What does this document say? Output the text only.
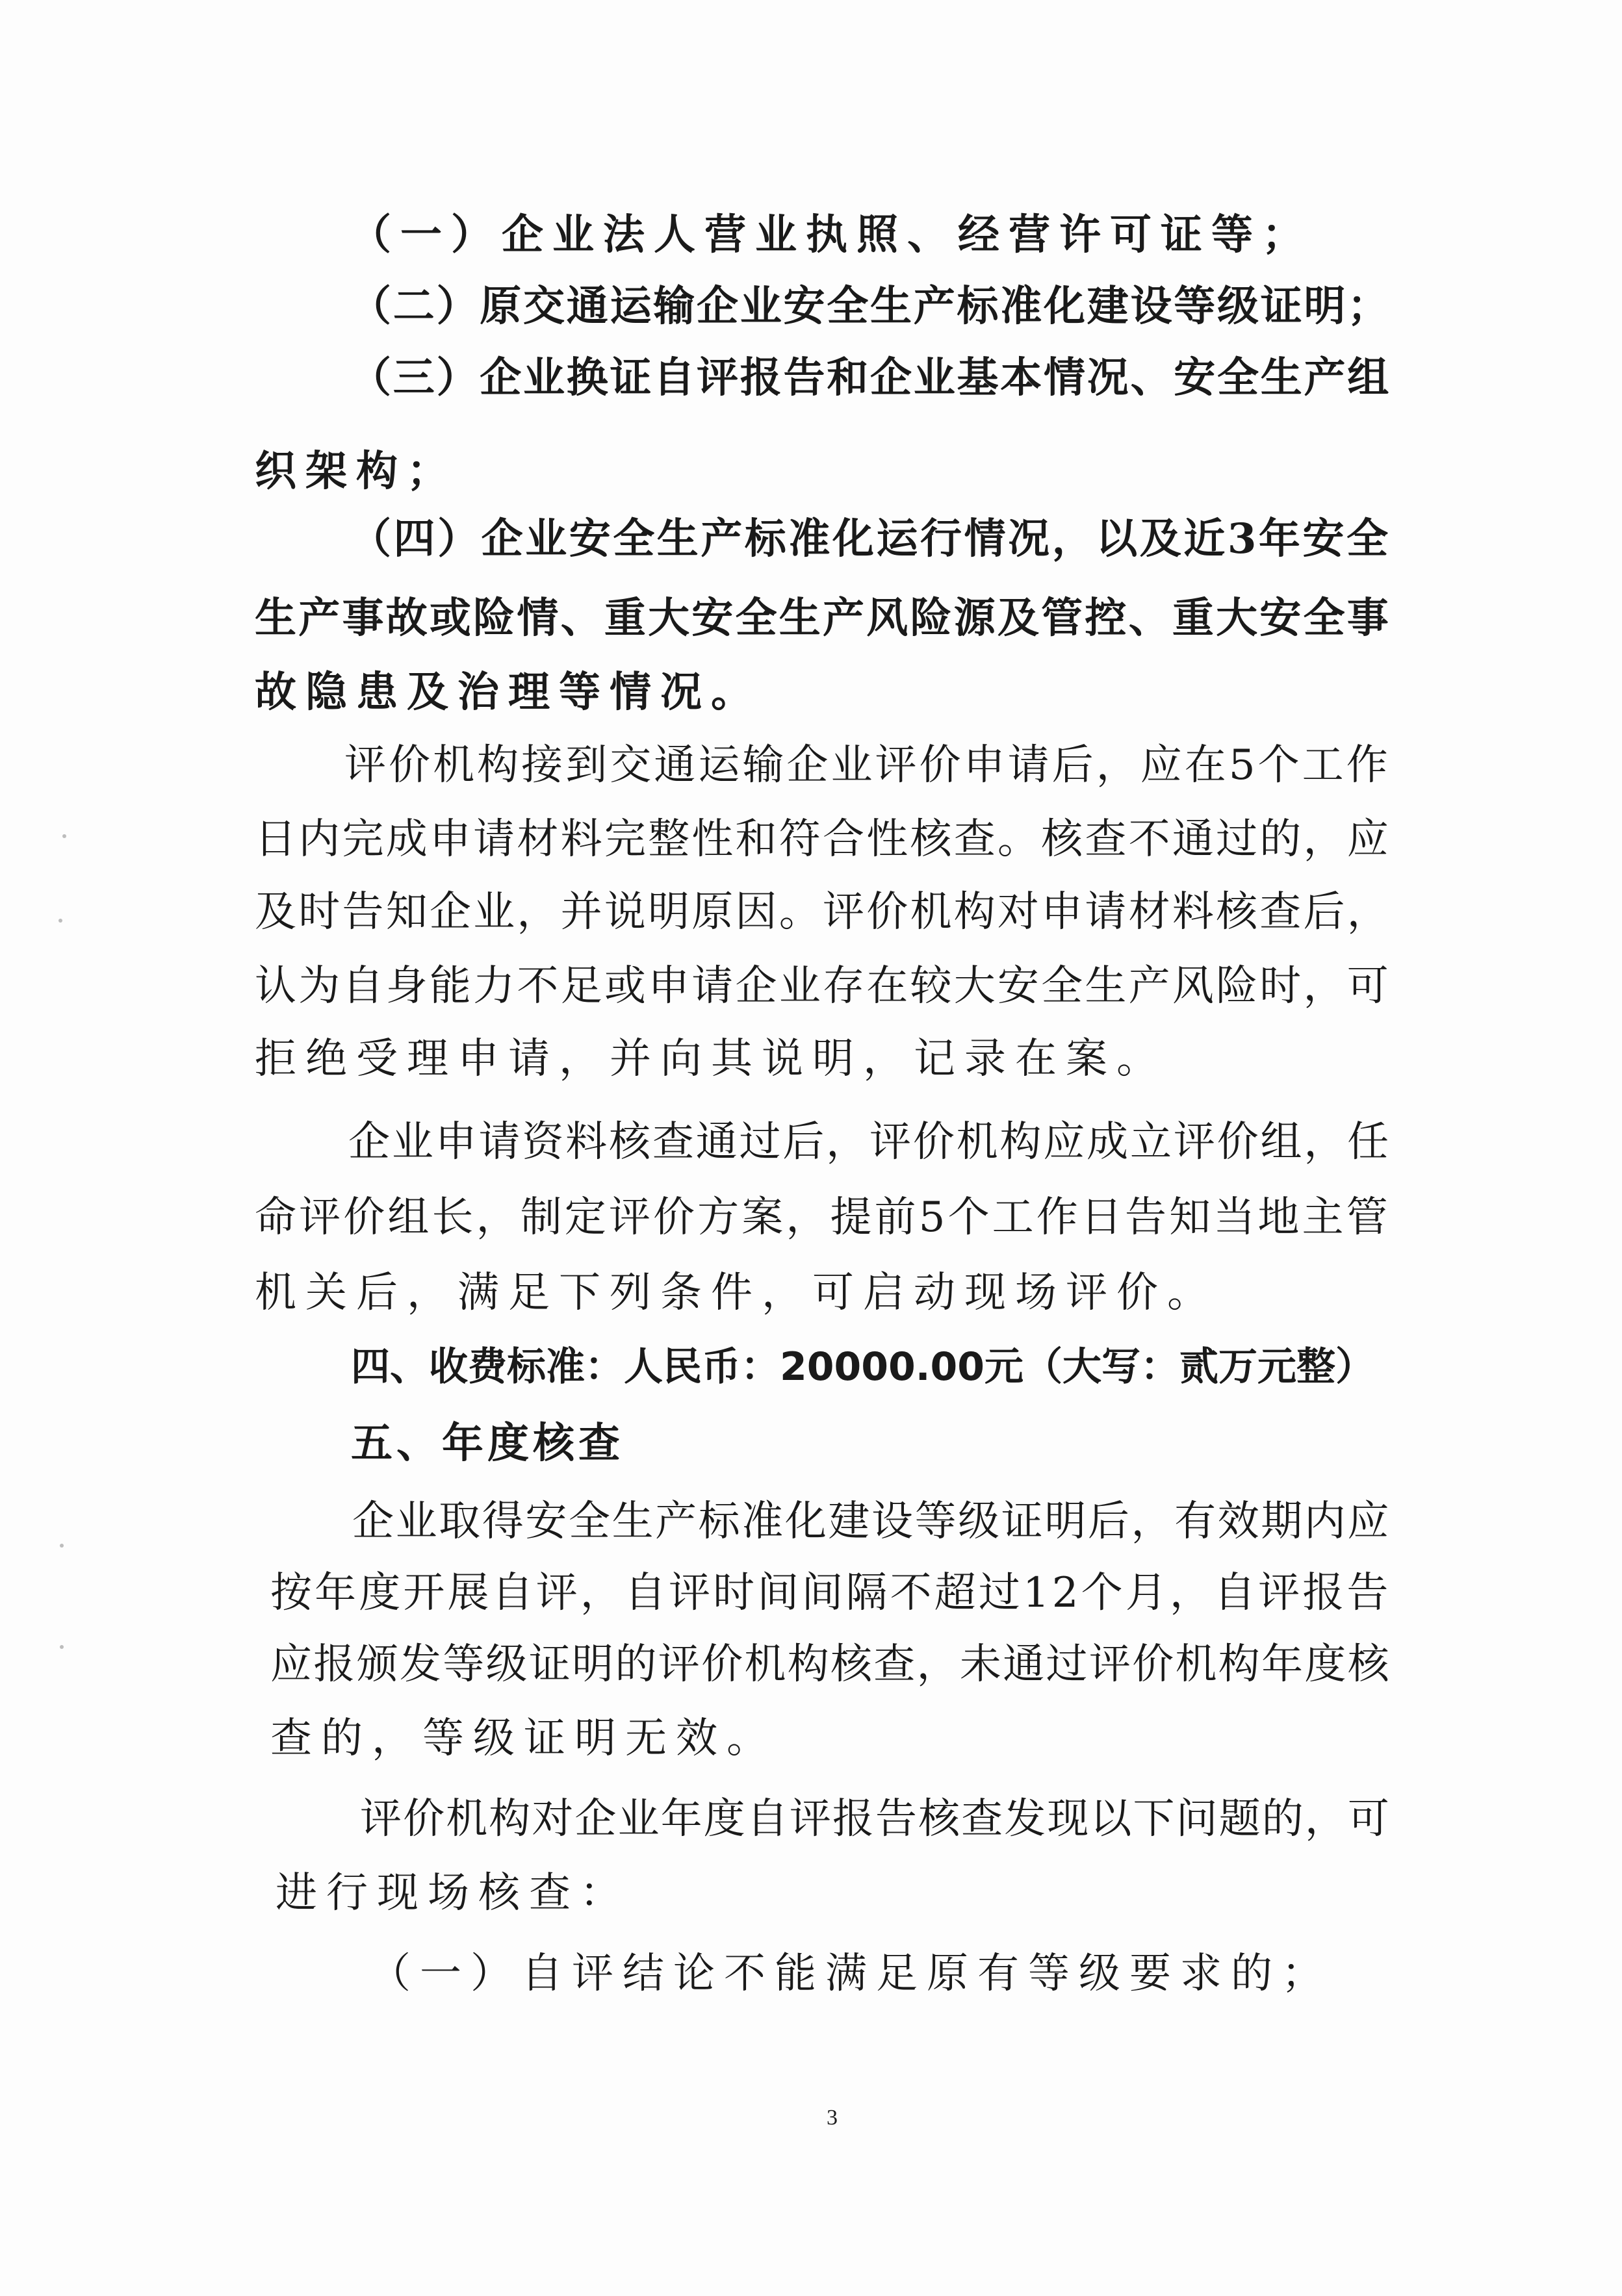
（一）企业法人营业执照、经营许可证等；
（二）原交通运输企业安全生产标准化建设等级证明；
（三）企业换证自评报告和企业基本情况、安全生产组
织架构；
（四）企业安全生产标准化运行情况，以及近3年安全
生产事故或险情、重大安全生产风险源及管控、重大安全事
故隐患及治理等情况。
评价机构接到交通运输企业评价申请后，应在5个工作
日内完成申请材料完整性和符合性核查。核查不通过的，应
及时告知企业，并说明原因。评价机构对申请材料核查后，
认为自身能力不足或申请企业存在较大安全生产风险时，可
拒绝受理申请，并向其说明，记录在案。
企业申请资料核查通过后，评价机构应成立评价组，任
命评价组长，制定评价方案，提前5个工作日告知当地主管
机关后，满足下列条件，可启动现场评价。
四、收费标准：人民币：20000.00元（大写：贰万元整）
五、年度核查
企业取得安全生产标准化建设等级证明后，有效期内应
按年度开展自评，自评时间间隔不超过12个月，自评报告
应报颁发等级证明的评价机构核查，未通过评价机构年度核
查的，等级证明无效。
评价机构对企业年度自评报告核查发现以下问题的，可
进行现场核查：
（一）自评结论不能满足原有等级要求的；
3
